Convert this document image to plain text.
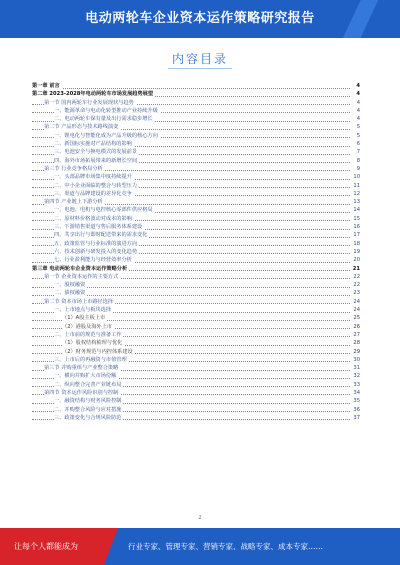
电动两轮车企业资本运作策略研究报告
内容目录
第一章 前言	4
第二章 2023-2028年电动两轮车市场发展趋势展望	4
第一节 国内两轮车行业发展现状与趋势	4
一、能源革命与电动化转型推动产业持续升级	4
二、电动两轮车保有量及出行需求稳步增长	4
第二节 产品形态与技术路线演变	5
一、锂电化与智能化成为产品升级的核心方向	5
二、新国标实施对产品结构的影响	6
三、电池安全与换电模式的发展前景	7
四、海外市场拓展带来的新增长空间	8
第三节 行业竞争格局分析	9
一、头部品牌市场集中度持续提升	10
二、中小企业面临的整合与转型压力	11
三、渠道与品牌建设的差异化竞争	12
第四节 产业链上下游分析	13
一、电池、电机与电控核心零部件供应格局	14
二、原材料价格波动对成本的影响	15
三、下游销售渠道与售后服务体系建设	16
四、共享出行与即时配送带来的需求变化	17
五、政策监管与行业标准的演进方向	18
六、技术创新与研发投入的变化趋势	19
七、行业盈利能力与经营效率分析	20
第三章 电动两轮车企业资本运作策略分析	21
第一节 企业资本运作的主要方式	22
一、股权融资	22
二、债权融资	23
第二节 资本市场上市路径选择	24
一、上市地点与板块选择	24
（1）A股主板上市	25
（2）港股及海外上市	26
二、上市前的规范与准备工作	27
（1）股权结构梳理与优化	28
（2）财务规范与内控体系建设	29
三、上市后的再融资与市值管理	30
第三节 并购重组与产业整合策略	31
一、横向并购扩大市场份额	32
二、纵向整合完善产业链布局	33
第四节 资本运作风险识别与控制	34
一、融资结构与财务风险控制	35
二、并购整合风险与应对措施	36
三、政策变化与合规风险防范	37
2
让每个人都能成为	行业专家、管理专家、营销专家、战略专家、成本专家……
